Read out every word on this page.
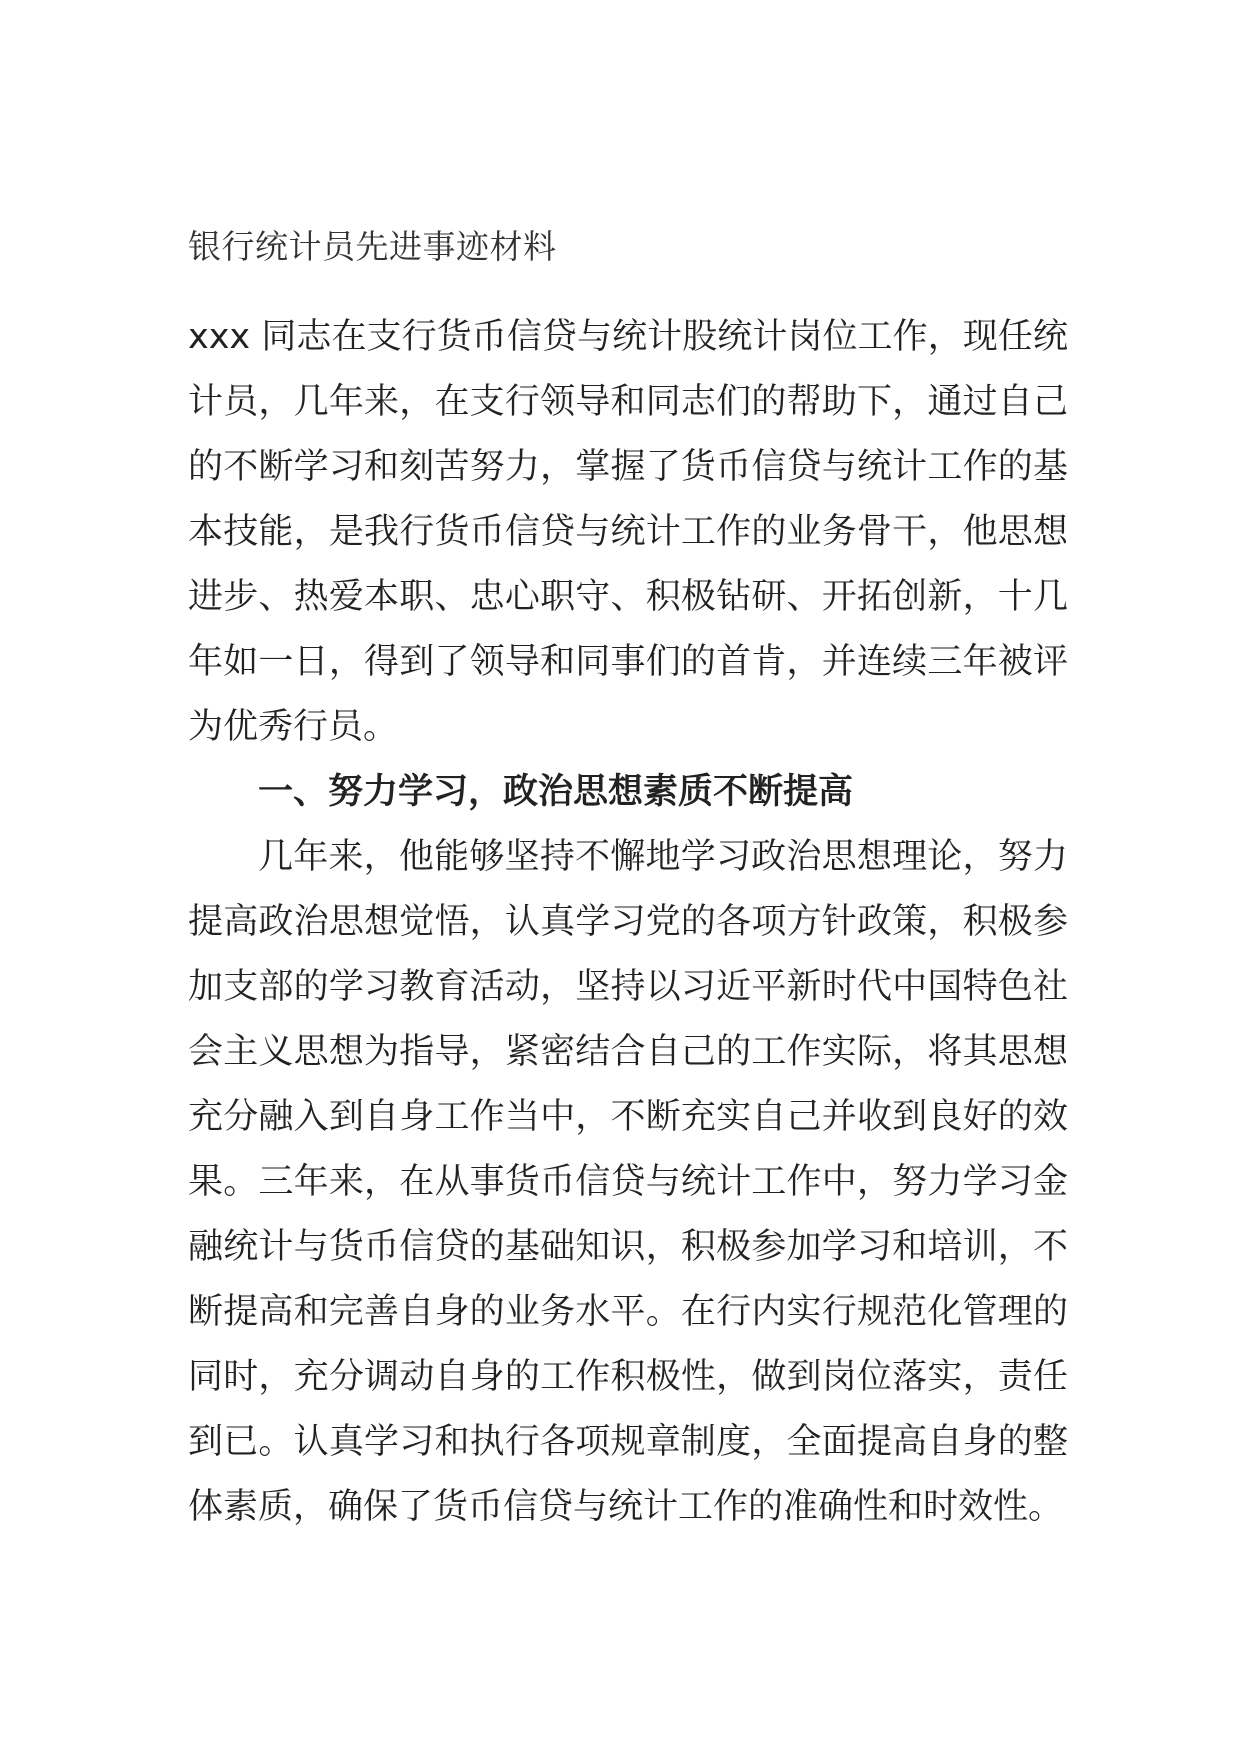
银行统计员先进事迹材料

xxx 同志在支行货币信贷与统计股统计岗位工作，现任统计员，几年来，在支行领导和同志们的帮助下，通过自己的不断学习和刻苦努力，掌握了货币信贷与统计工作的基本技能，是我行货币信贷与统计工作的业务骨干，他思想进步、热爱本职、忠心职守、积极钻研、开拓创新，十几年如一日，得到了领导和同事们的首肯，并连续三年被评为优秀行员。

一、努力学习，政治思想素质不断提高

几年来，他能够坚持不懈地学习政治思想理论，努力提高政治思想觉悟，认真学习党的各项方针政策，积极参加支部的学习教育活动，坚持以习近平新时代中国特色社会主义思想为指导，紧密结合自己的工作实际，将其思想充分融入到自身工作当中，不断充实自己并收到良好的效果。三年来，在从事货币信贷与统计工作中，努力学习金融统计与货币信贷的基础知识，积极参加学习和培训，不断提高和完善自身的业务水平。在行内实行规范化管理的同时，充分调动自身的工作积极性，做到岗位落实，责任到已。认真学习和执行各项规章制度，全面提高自身的整体素质，确保了货币信贷与统计工作的准确性和时效性。
